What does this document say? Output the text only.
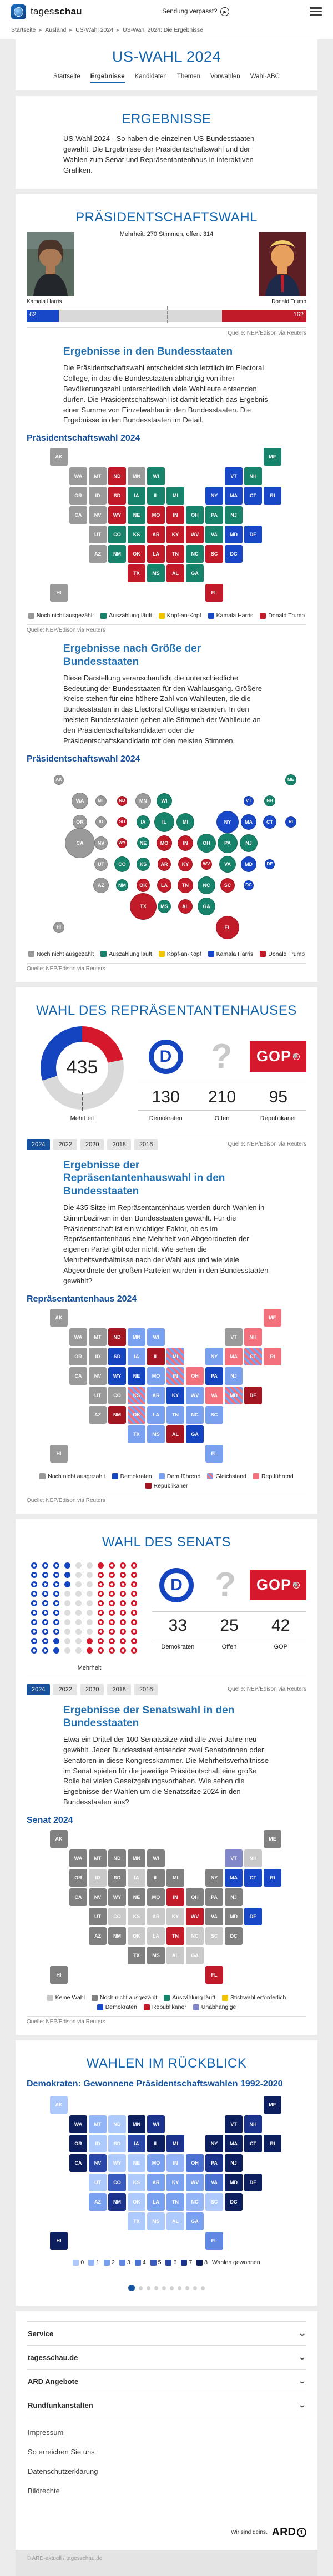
tagesschau	Sendung verpasst?	▶
Startseite ► Ausland ► US-Wahl 2024 ► US-Wahl 2024: Die Ergebnisse
US-WAHL 2024
Startseite Ergebnisse Kandidaten Themen Vorwahlen Wahl-ABC
ERGEBNISSE

US-Wahl 2024 - So haben die einzelnen US-Bundesstaaten gewählt: Die Ergebnisse der Präsidentschaftswahl und der Wahlen zum Senat und Repräsentantenhaus in interaktiven Grafiken.

PRÄSIDENTSCHAFTSWAHL
Mehrheit: 270 Stimmen, offen: 314
Kamala Harris	Donald Trump
62	162
Quelle: NEP/Edison via Reuters
Ergebnisse in den Bundesstaaten

Die Präsidentschaftswahl entscheidet sich letztlich im Electoral College, in das die Bundesstaaten abhängig von ihrer Bevölkerungszahl unterschiedlich viele Wahlleute entsenden dürfen. Die Präsidentschaftswahl ist damit letztlich das Ergebnis einer Summe von Einzelwahlen in den Bundesstaaten. Die Ergebnisse in den Bundesstaaten im Detail.

Präsidentschaftswahl 2024
WA
OR
CA	NV
ID
UT
AZ
MT	MN
AK
HI
ND
SD
WY
TX
OK
MO
AR
LA
IN
KY
TN
WV
AL
SC
FL
CO
NM
NE
KS
IA
WI
IL	MI
OH
MS	GA
NC
VA
PA	NJ
NH
ME
NY
VT
MA	CT	RI
DE
MD
DC
Noch nicht ausgezählt	Auszählung läuft	Kopf-an-Kopf	Kamala Harris	Donald Trump
Quelle: NEP/Edison via Reuters
Ergebnisse nach Größe der Bundesstaaten

Diese Darstellung veranschaulicht die unterschiedliche Bedeutung der Bundesstaaten für den Wahlausgang. Größere Kreise stehen für eine höhere Zahl von Wahlleuten, die die Bundesstaaten in das Electoral College entsenden. In den meisten Bundesstaaten gehen alle Stimmen der Wahlleute an den Präsidentschaftskandidaten oder die Präsidentschaftskandidatin mit den meisten Stimmen.

Präsidentschaftswahl 2024
WA
OR
CA	NV
ID
UT
AZ
MT	MN
AK
HI
ND
SD
WY
TX
OK
MO
AR
LA
IN
KY
TN
WV
AL
SC
FL
CO
NM
NE
KS
IA
WI
IL	MI
OH
MS	GA
NC
VA
PA	NJ
NH
ME
NY
VT
MA	CT	RI
DE
MD
DC
Noch nicht ausgezählt	Auszählung läuft	Kopf-an-Kopf	Kamala Harris	Donald Trump
Quelle: NEP/Edison via Reuters
WAHL DES REPRÄSENTANTENHAUSES
435
Mehrheit
D	?	GOP 🐘
130	210	95
Demokraten	Offen	Republikaner
2024	2022	2020	2018	2016	Quelle: NEP/Edison via Reuters
Ergebnisse der Repräsentantenhauswahl in den Bundesstaaten

Die 435 Sitze im Repräsentantenhaus werden durch Wahlen in Stimmbezirken in den Bundesstaaten gewählt. Für die Präsidentschaft ist ein wichtiger Faktor, ob es im Repräsentantenhaus eine Mehrheit von Abgeordneten der eigenen Partei gibt oder nicht. Wie sehen die Mehrheitsverhältnisse nach der Wahl aus und wie viele Abgeordnete der großen Parteien wurden in den Bundesstaaten gewählt?

Repräsentantenhaus 2024
WA
OR
CA	NV
ID
UT
MT
CO
AZ
AK
HI
VT
WY
SD
NE	PA
KY
GA
MN	WI
IA
MO
AR
TN	NC	SC
WV
NY
NJ
TX
LA
MS
FL
ND
IL
NM
AL
DE
ME
OH
VA
MA
NH
RI
KS
OK
MI
IN
CT
MD
Noch nicht ausgezählt	Demokraten	Dem führend	Gleichstand	Rep führend
Republikaner
Quelle: NEP/Edison via Reuters
WAHL DES SENATS
Mehrheit
D ?	GOP 🐘
33	25	42
Demokraten	Offen	GOP
2024	2022	2020	2018	2016	Quelle: NEP/Edison via Reuters
Ergebnisse der Senatswahl in den Bundesstaaten

Etwa ein Drittel der 100 Senatssitze wird alle zwei Jahre neu gewählt. Jeder Bundesstaat entsendet zwei Senatorinnen oder Senatoren in diese Kongresskammer. Die Mehrheitsverhältnisse im Senat spielen für die jeweilige Präsidentschaft eine große Rolle bei vielen Gesetzgebungsvorhaben. Wie sehen die Ergebnisse der Wahlen um die Senatssitze 2024 in den Bundesstaaten aus?

Senat 2024
ID	IA
CO	KS
OK
AR
LA
AL	GA
SC
NC
KY
NH
WA
OR
CA	NV
UT
AZ
MT
WY
ND
SD
MN
NE
TX
NM
MO
IL
WI
MI
OH	PA
NY
NJ
VA
MS
ME
AK
HI
MD
DC
IN
WV
TN
FL
MA	CT	RI
DE
VT
Keine Wahl	Noch nicht ausgezählt	Auszählung läuft	Stichwahl erforderlich
Demokraten	Republikaner	Unabhängige
Quelle: NEP/Edison via Reuters
WAHLEN IM RÜCKBLICK
Demokraten: Gewonnene Präsidentschaftswahlen 1992-2020
WA
OR
CA
MN
IL	NY
NJ
MA	CT	RI
DE
MD
DC
VT
ME
HI
MI
PA
WI	NH
NM
NV
IA
CO	VA
OH
FL
GA
AZ
MO
AR
LA
KY
TN
WV
NC
IN
MT
ID
UT
WY
ND
SD
NE
KS
OK
TX	MS	AL
SC
AK
0 1 2 3 4 5 6 7 8 Wahlen gewonnen
Service	⌄
tagesschau.de	⌄
ARD Angebote	⌄
Rundfunkanstalten	⌄
Impressum
So erreichen Sie uns
Datenschutzerklärung
Bildrechte
Wir sind deins. ARD 1
© ARD-aktuell / tagesschau.de
